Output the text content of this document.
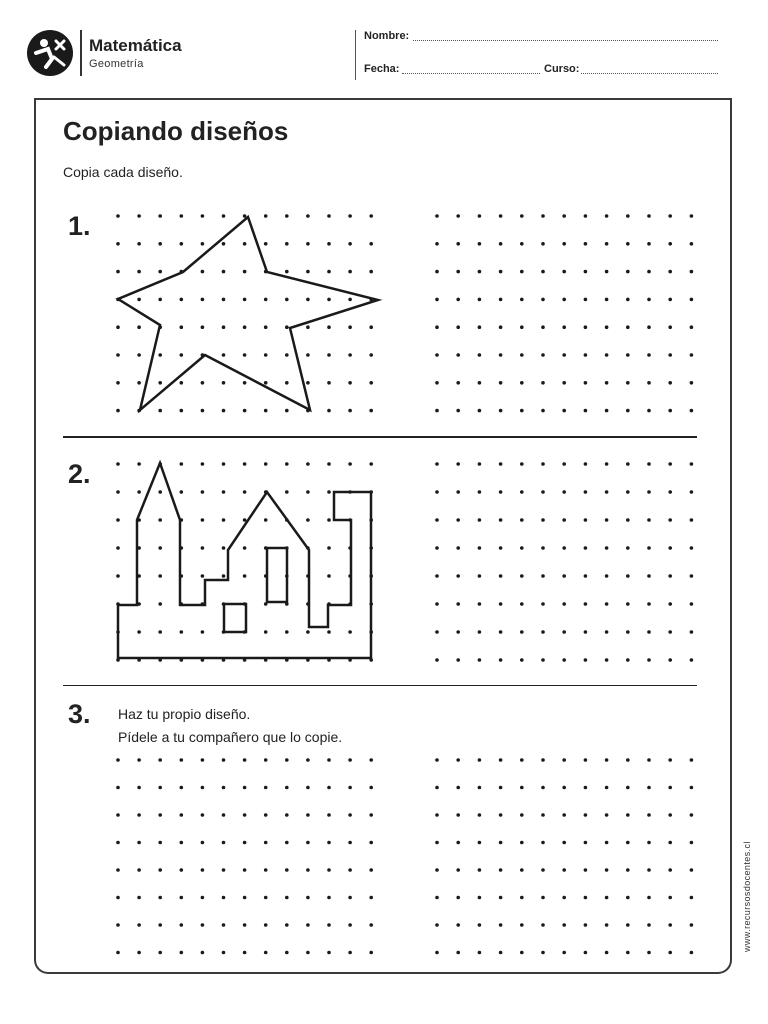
Matemática
Geometría
Nombre:
Fecha:	Curso:
Copiando diseños
Copia cada diseño.
1.
2.
3. Haz tu propio diseño.
Pídele a tu compañero que lo copie.
www.recursosdocentes.cl
